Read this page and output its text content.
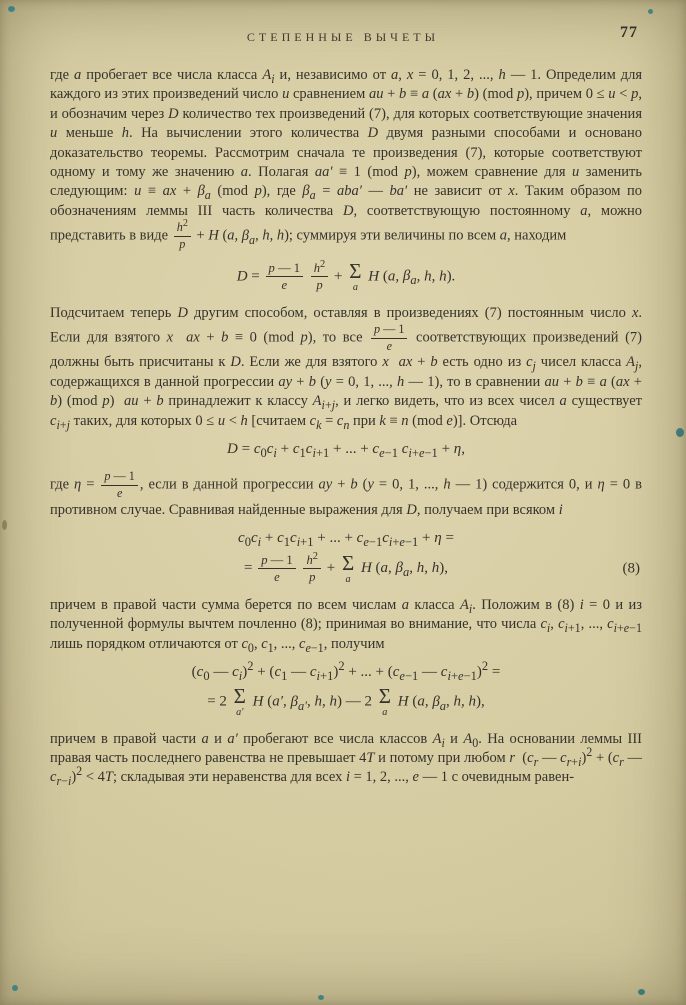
СТЕПЕННЫЕ ВЫЧЕТЫ	77

где a пробегает все числа класса $A_i$ и, независимо от a, x = 0, 1, 2, ..., h — 1. Определим для каждого из этих произведений число u сравнением au + b ≡ a (ax + b) (mod p), причем 0 ≤ u < p, и обозначим через D количество тех произведений (7), для которых соответствующие значения u меньше h. На вычислении этого количества D двумя разными способами и основано доказательство теоремы. Рассмотрим сначала те произведения (7), которые соответствуют одному и тому же значению a. Полагая aa′ ≡ 1 (mod p), можем сравнение для u заменить следующим: u ≡ ax + $\beta_a$ (mod p), где $\beta_a = aba'$ — ba′ не зависит от x. Таким образом по обозначениям леммы III часть количества D, соответствующую постоянному a, можно представить в виде $\frac{h^2}{p} + H$ (a, $\beta_a$, h, h); суммируя эти величины по всем a, находим

$D = \frac{p — 1}{e}$
$\frac{h^2}{p} + \Sigma$
a
H (a, $\beta_a$, h, h).

Подсчитаем теперь D другим способом, оставляя в произведениях (7) постоянным число x. Если для взятого x ax + b ≡ 0 (mod p), то все $\frac{p — 1}{e}$ соответствующих произведений (7) должны быть присчитаны к D. Если же для взятого x ax + b есть одно из $c_j$ чисел класса $A_j$, содержащихся в данной прогрессии ay + b (y = 0, 1, ..., h — 1), то в сравнении au + b ≡ a (ax + b) (mod p)  au + b принадлежит к классу $A_{i+j}$, и легко видеть, что из всех чисел a существует $c_{i+j}$ таких, для которых 0 ≤ u < h [считаем $c_k = c_n$ при k ≡ n (mod e)]. Отсюда

$D = c_0c_i + c_1c_{i+1}$ + ... + $c_{e-1}$ $c_{i+e-1} + \eta$,

где $\eta = \frac{p — 1}{e}$ , если в данной прогрессии ay + b (y = 0, 1, ..., h — 1) содержится 0, и η = 0 в противном случае. Сравнивая найденные выражения для D, получаем при всяком i

$c_0c_i + c_1c_{i+1}$ + ... + $c_{e-1}c_{i+e-1} + \eta$ =
= $\frac{p — 1}{e}$
$\frac{h^2}{p} + \Sigma$
a
H (a, $\beta_a$, h, h),	(8)

причем в правой части сумма берется по всем числам a класса $A_i$. Положим в (8) i = 0 и из полученной формулы вычтем почленно (8); принимая во внимание, что числа $c_i$, $c_{i+1}$, ..., $c_{i+e-1}$ лишь порядком отличаются от $c_0$, $c_1$, ..., $c_{e-1}$, получим

($c_0$ — $c_i)^2 + (c_1$ — $c_{i+1})^2$ + ... + ($c_{e-1}$ — $c_{i+e-1})^2$ =
= 2 Σ
a′
H (a′, $\beta_{a'}$, h, h) — 2 Σ
a
H (a, $\beta_a$, h, h),

причем в правой части a и a′ пробегают все числа классов $A_i$ и $A_0$. На основании леммы III правая часть последнего равенства не превышает 4T и потому при любом r  ($c_r$ — $c_{r+i})^2 + (c_r$ — $c_{r-i})^2 < 4T$; складывая эти неравенства для всех i = 1, 2, ..., e — 1 с очевидным равен-
